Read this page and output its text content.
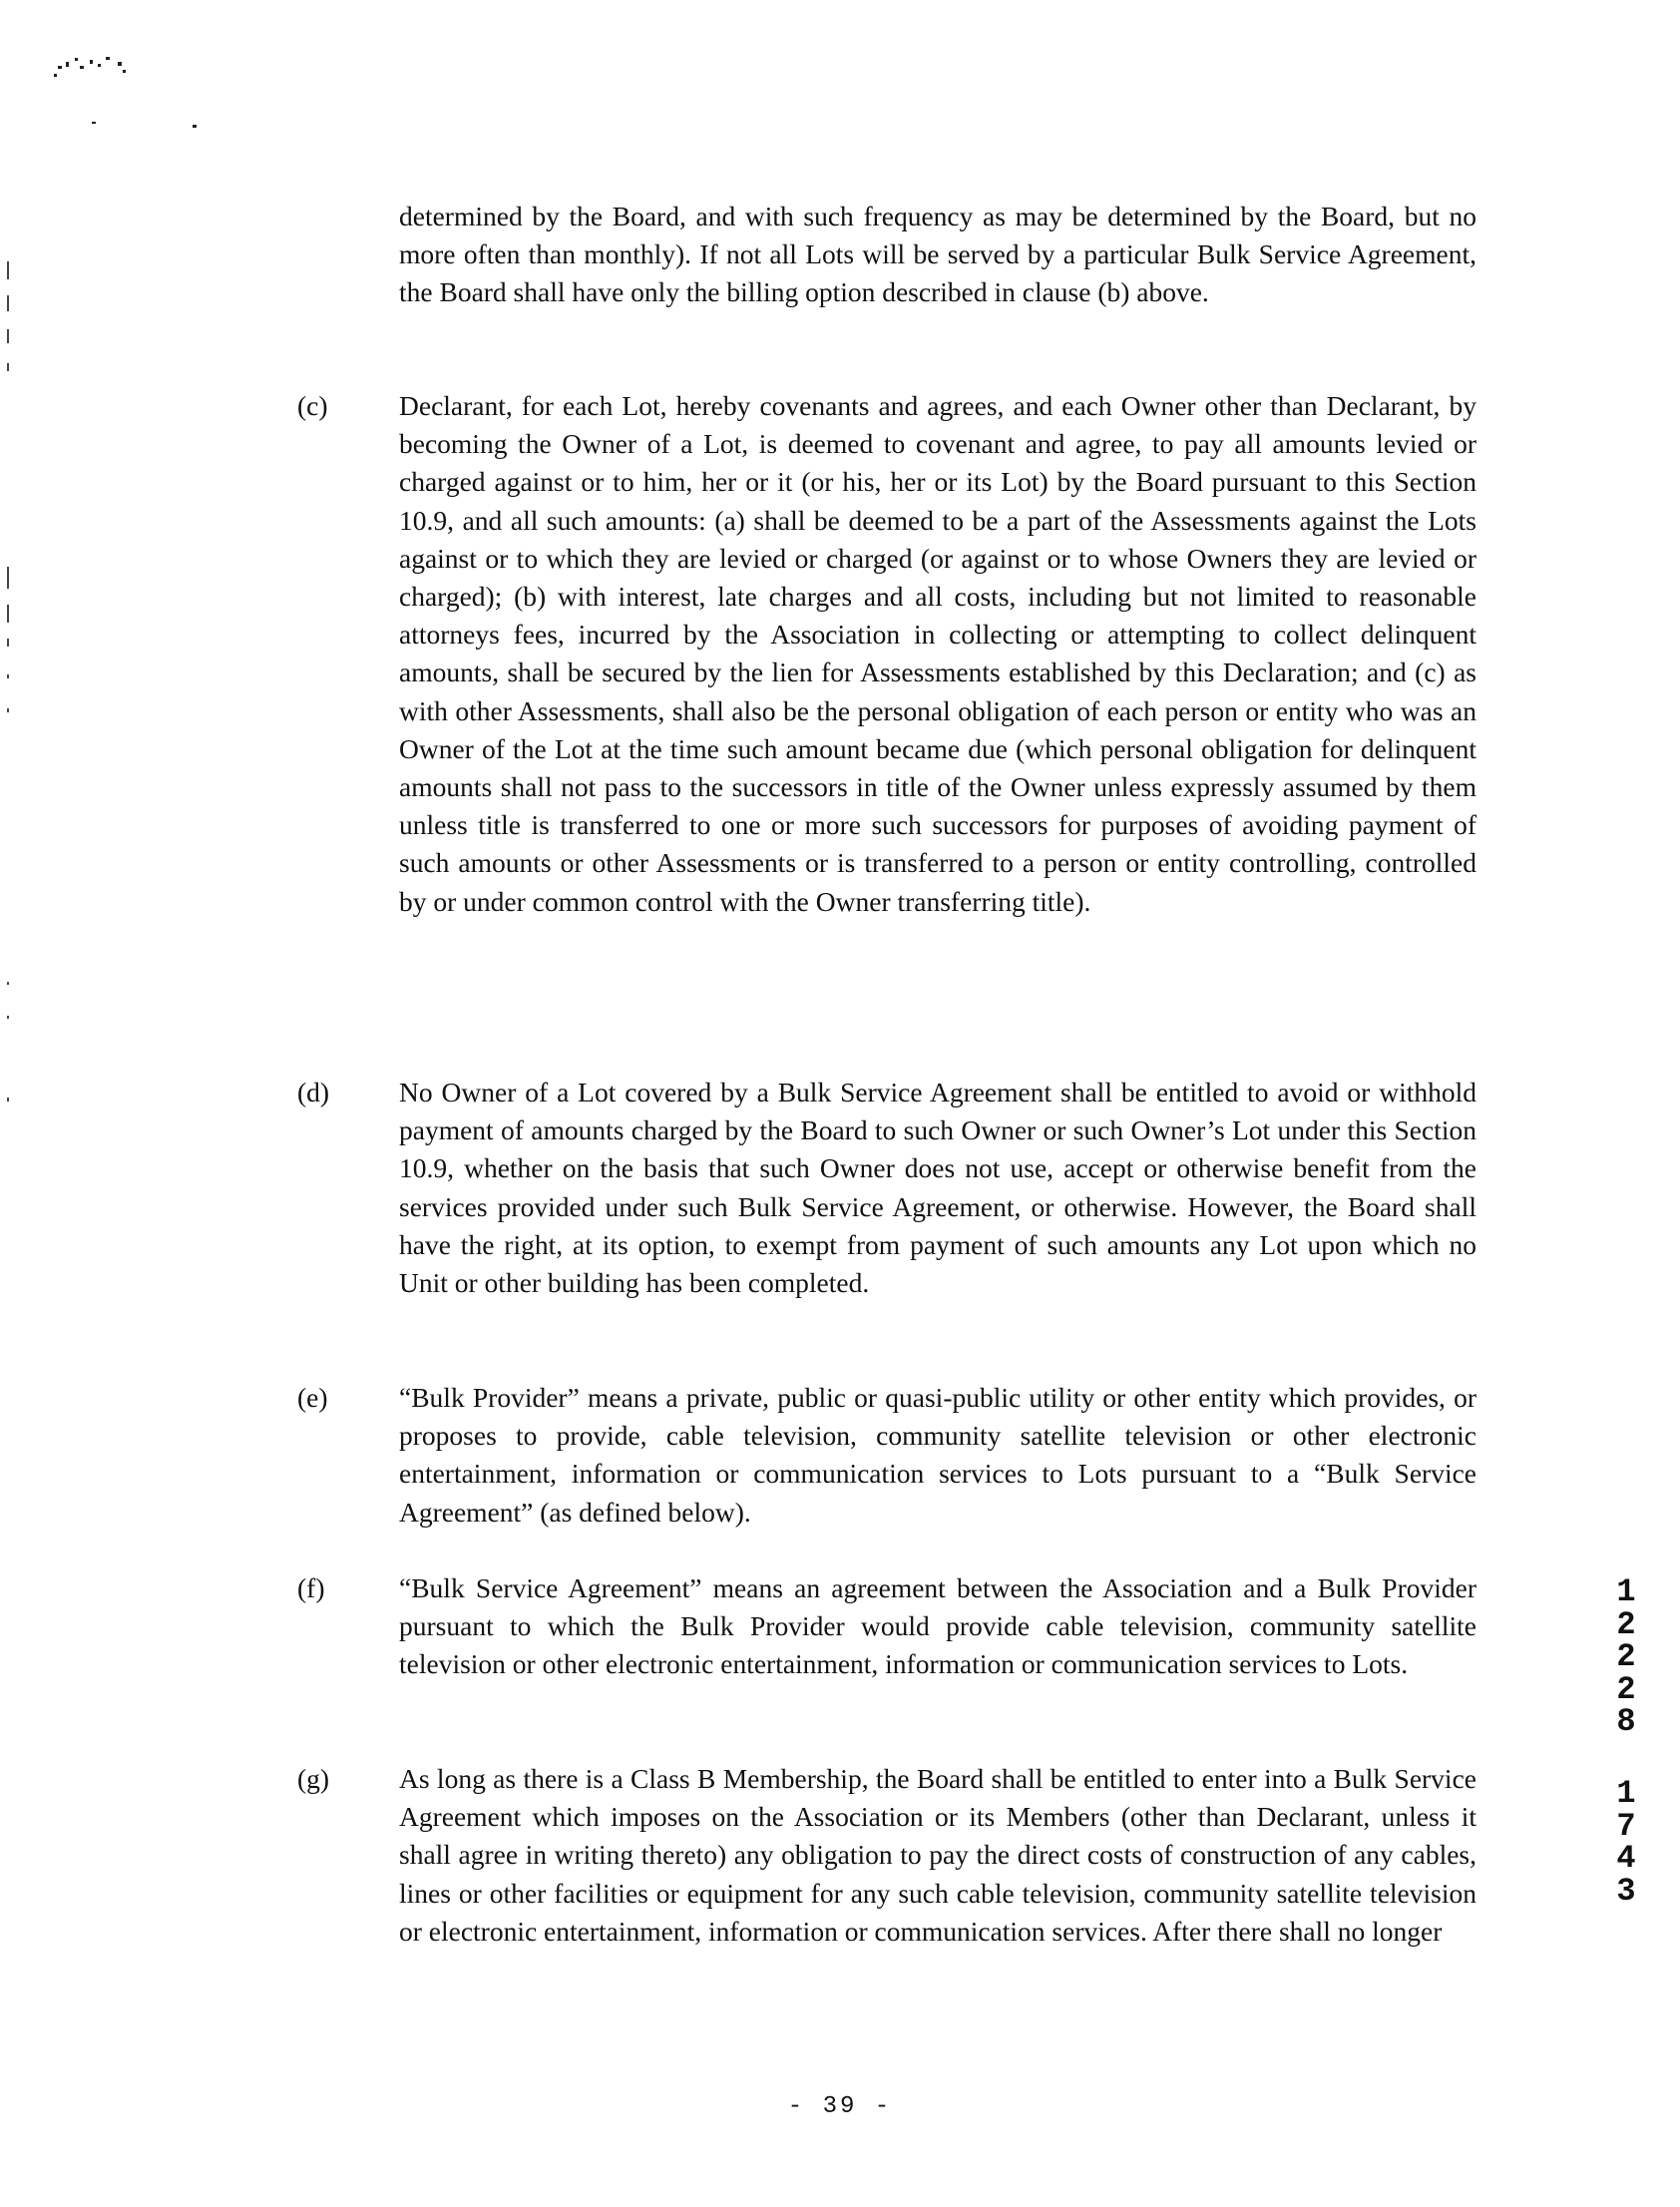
determined by the Board, and with such frequency as may be determined by the Board, but no more often than monthly). If not all Lots will be served by a particular Bulk Service Agreement, the Board shall have only the billing option described in clause (b) above.
(c)	Declarant, for each Lot, hereby covenants and agrees, and each Owner other than Declarant, by becoming the Owner of a Lot, is deemed to covenant and agree, to pay all amounts levied or charged against or to him, her or it (or his, her or its Lot) by the Board pursuant to this Section 10.9, and all such amounts: (a) shall be deemed to be a part of the Assessments against the Lots against or to which they are levied or charged (or against or to whose Owners they are levied or charged); (b) with interest, late charges and all costs, including but not limited to reasonable attorneys fees, incurred by the Association in collecting or attempting to collect delinquent amounts, shall be secured by the lien for Assessments established by this Declaration; and (c) as with other Assessments, shall also be the personal obligation of each person or entity who was an Owner of the Lot at the time such amount became due (which personal obligation for delinquent amounts shall not pass to the successors in title of the Owner unless expressly assumed by them unless title is transferred to one or more such successors for purposes of avoiding payment of such amounts or other Assessments or is transferred to a person or entity controlling, controlled by or under common control with the Owner transferring title).
(d)	No Owner of a Lot covered by a Bulk Service Agreement shall be entitled to avoid or withhold payment of amounts charged by the Board to such Owner or such Owner’s Lot under this Section 10.9, whether on the basis that such Owner does not use, accept or otherwise benefit from the services provided under such Bulk Service Agreement, or otherwise. However, the Board shall have the right, at its option, to exempt from payment of such amounts any Lot upon which no Unit or other building has been completed.
(e)	“Bulk Provider” means a private, public or quasi-public utility or other entity which provides, or proposes to provide, cable television, community satellite television or other electronic entertainment, information or communication services to Lots pursuant to a “Bulk Service Agreement” (as defined below).
(f)	“Bulk Service Agreement” means an agreement between the Association and a Bulk Provider pursuant to which the Bulk Provider would provide cable television, community satellite television or other electronic entertainment, information or communication services to Lots.
(g)	As long as there is a Class B Membership, the Board shall be entitled to enter into a Bulk Service Agreement which imposes on the Association or its Members (other than Declarant, unless it shall agree in writing thereto) any obligation to pay the direct costs of construction of any cables, lines or other facilities or equipment for any such cable television, community satellite television or electronic entertainment, information or communication services. After there shall no longer
1
2
2
2
8
1
7
4
3
- 39 -
